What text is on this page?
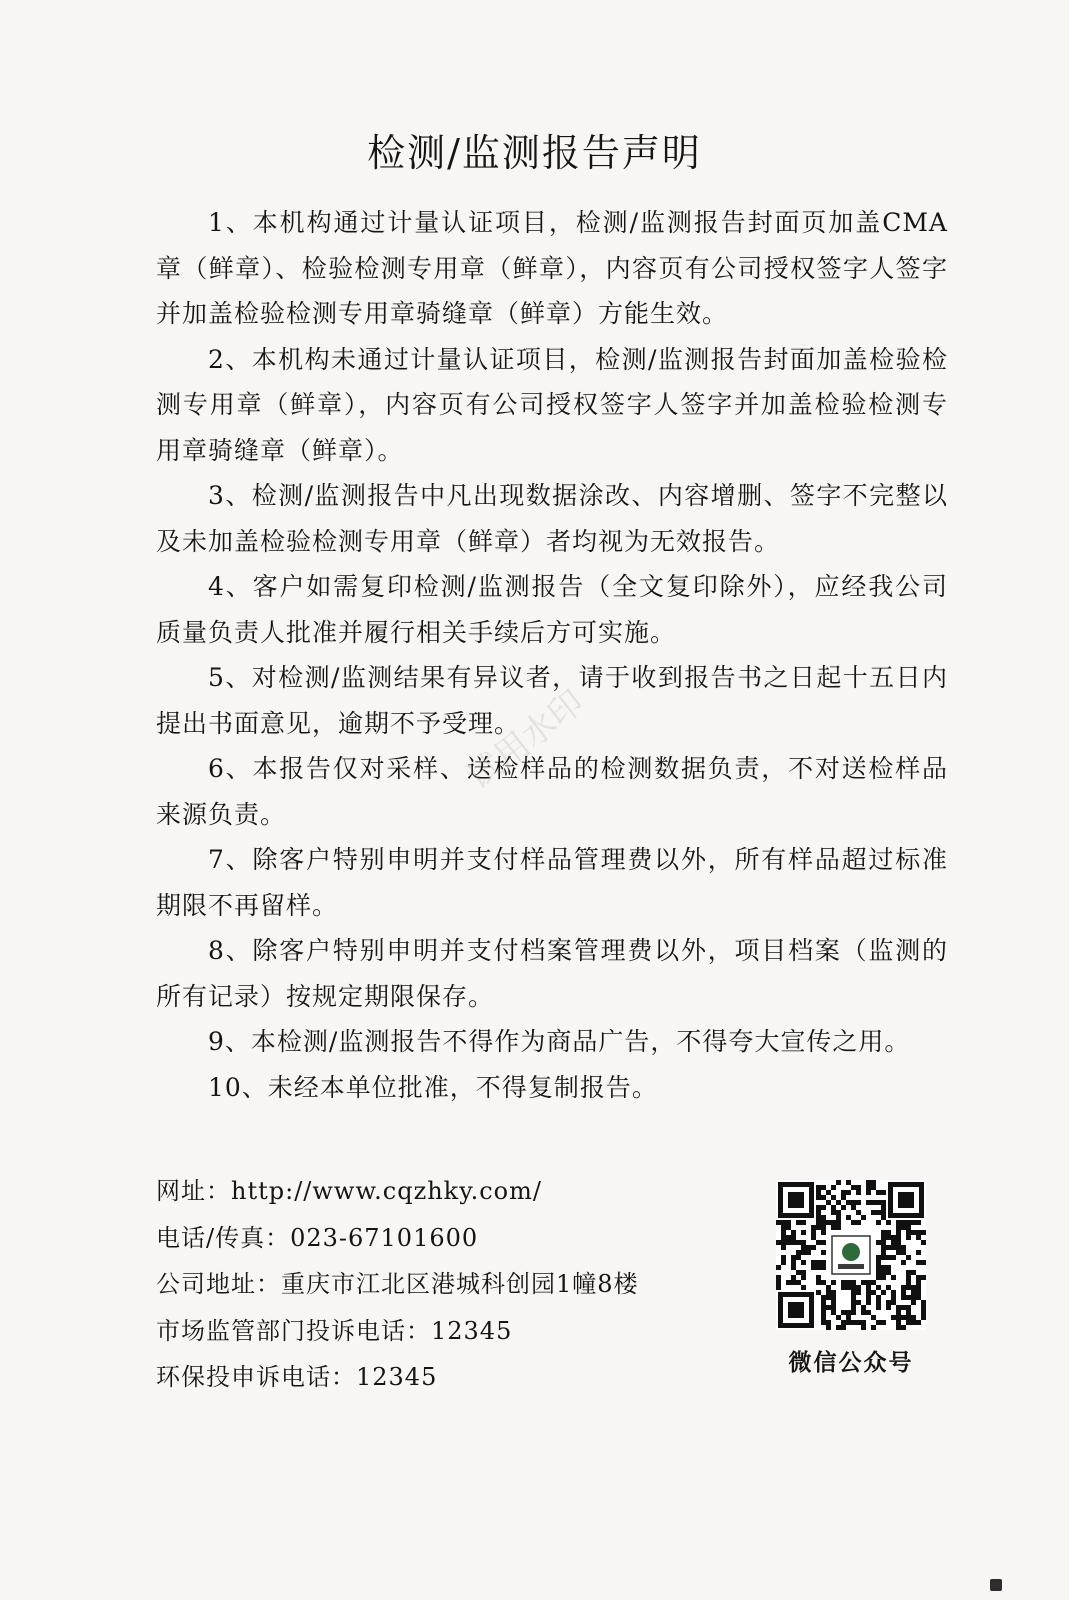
检测/监测报告声明

1、本机构通过计量认证项目，检测/监测报告封面页加盖CMA章（鲜章）、检验检测专用章（鲜章），内容页有公司授权签字人签字并加盖检验检测专用章骑缝章（鲜章）方能生效。

2、本机构未通过计量认证项目，检测/监测报告封面加盖检验检测专用章（鲜章），内容页有公司授权签字人签字并加盖检验检测专用章骑缝章（鲜章）。

3、检测/监测报告中凡出现数据涂改、内容增删、签字不完整以及未加盖检验检测专用章（鲜章）者均视为无效报告。

4、客户如需复印检测/监测报告（全文复印除外），应经我公司质量负责人批准并履行相关手续后方可实施。

5、对检测/监测结果有异议者，请于收到报告书之日起十五日内提出书面意见，逾期不予受理。

6、本报告仅对采样、送检样品的检测数据负责，不对送检样品来源负责。

7、除客户特别申明并支付样品管理费以外，所有样品超过标准期限不再留样。

8、除客户特别申明并支付档案管理费以外，项目档案（监测的所有记录）按规定期限保存。

9、本检测/监测报告不得作为商品广告，不得夸大宣传之用。

10、未经本单位批准，不得复制报告。

网址：http://www.cqzhky.com/
电话/传真：023-67101600
公司地址：重庆市江北区港城科创园1幢8楼
市场监管部门投诉电话：12345
环保投申诉电话：12345
微信公众号
试用水印
